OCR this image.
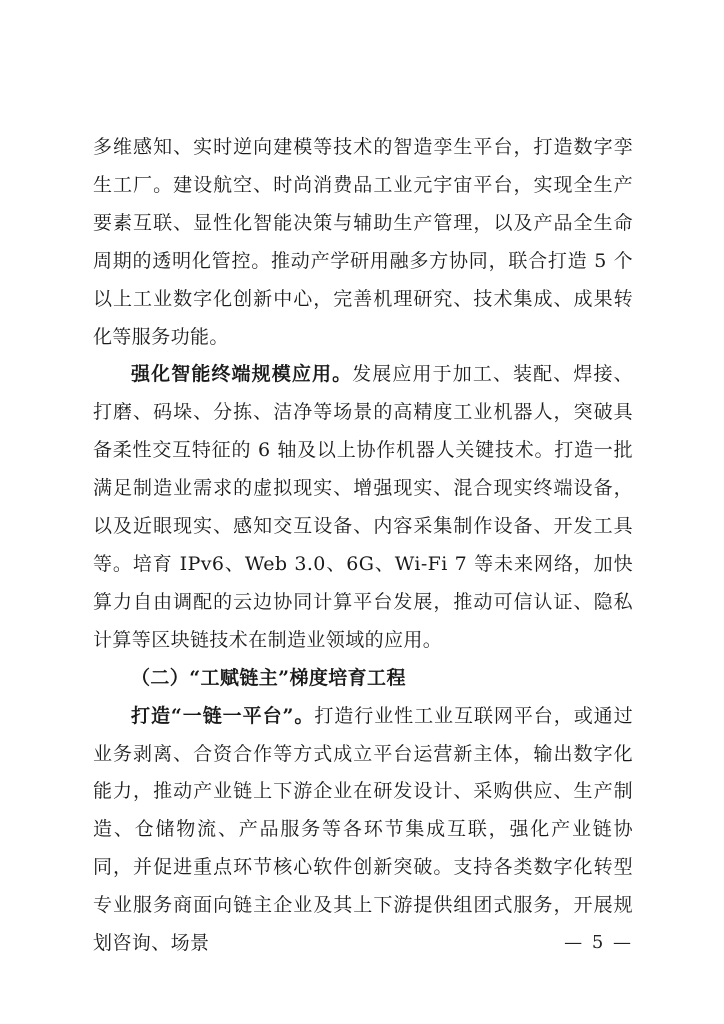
多维感知、实时逆向建模等技术的智造孪生平台，打造数字孪生工厂。建设航空、时尚消费品工业元宇宙平台，实现全生产要素互联、显性化智能决策与辅助生产管理，以及产品全生命周期的透明化管控。推动产学研用融多方协同，联合打造 5 个以上工业数字化创新中心，完善机理研究、技术集成、成果转化等服务功能。

强化智能终端规模应用。发展应用于加工、装配、焊接、打磨、码垛、分拣、洁净等场景的高精度工业机器人，突破具备柔性交互特征的 6 轴及以上协作机器人关键技术。打造一批满足制造业需求的虚拟现实、增强现实、混合现实终端设备，以及近眼现实、感知交互设备、内容采集制作设备、开发工具等。培育 IPv6、Web 3.0、6G、Wi-Fi 7 等未来网络，加快算力自由调配的云边协同计算平台发展，推动可信认证、隐私计算等区块链技术在制造业领域的应用。

（二）“工赋链主”梯度培育工程

打造“一链一平台”。打造行业性工业互联网平台，或通过业务剥离、合资合作等方式成立平台运营新主体，输出数字化能力，推动产业链上下游企业在研发设计、采购供应、生产制造、仓储物流、产品服务等各环节集成互联，强化产业链协同，并促进重点环节核心软件创新突破。支持各类数字化转型专业服务商面向链主企业及其上下游提供组团式服务，开展规划咨询、场景	— 5 —
